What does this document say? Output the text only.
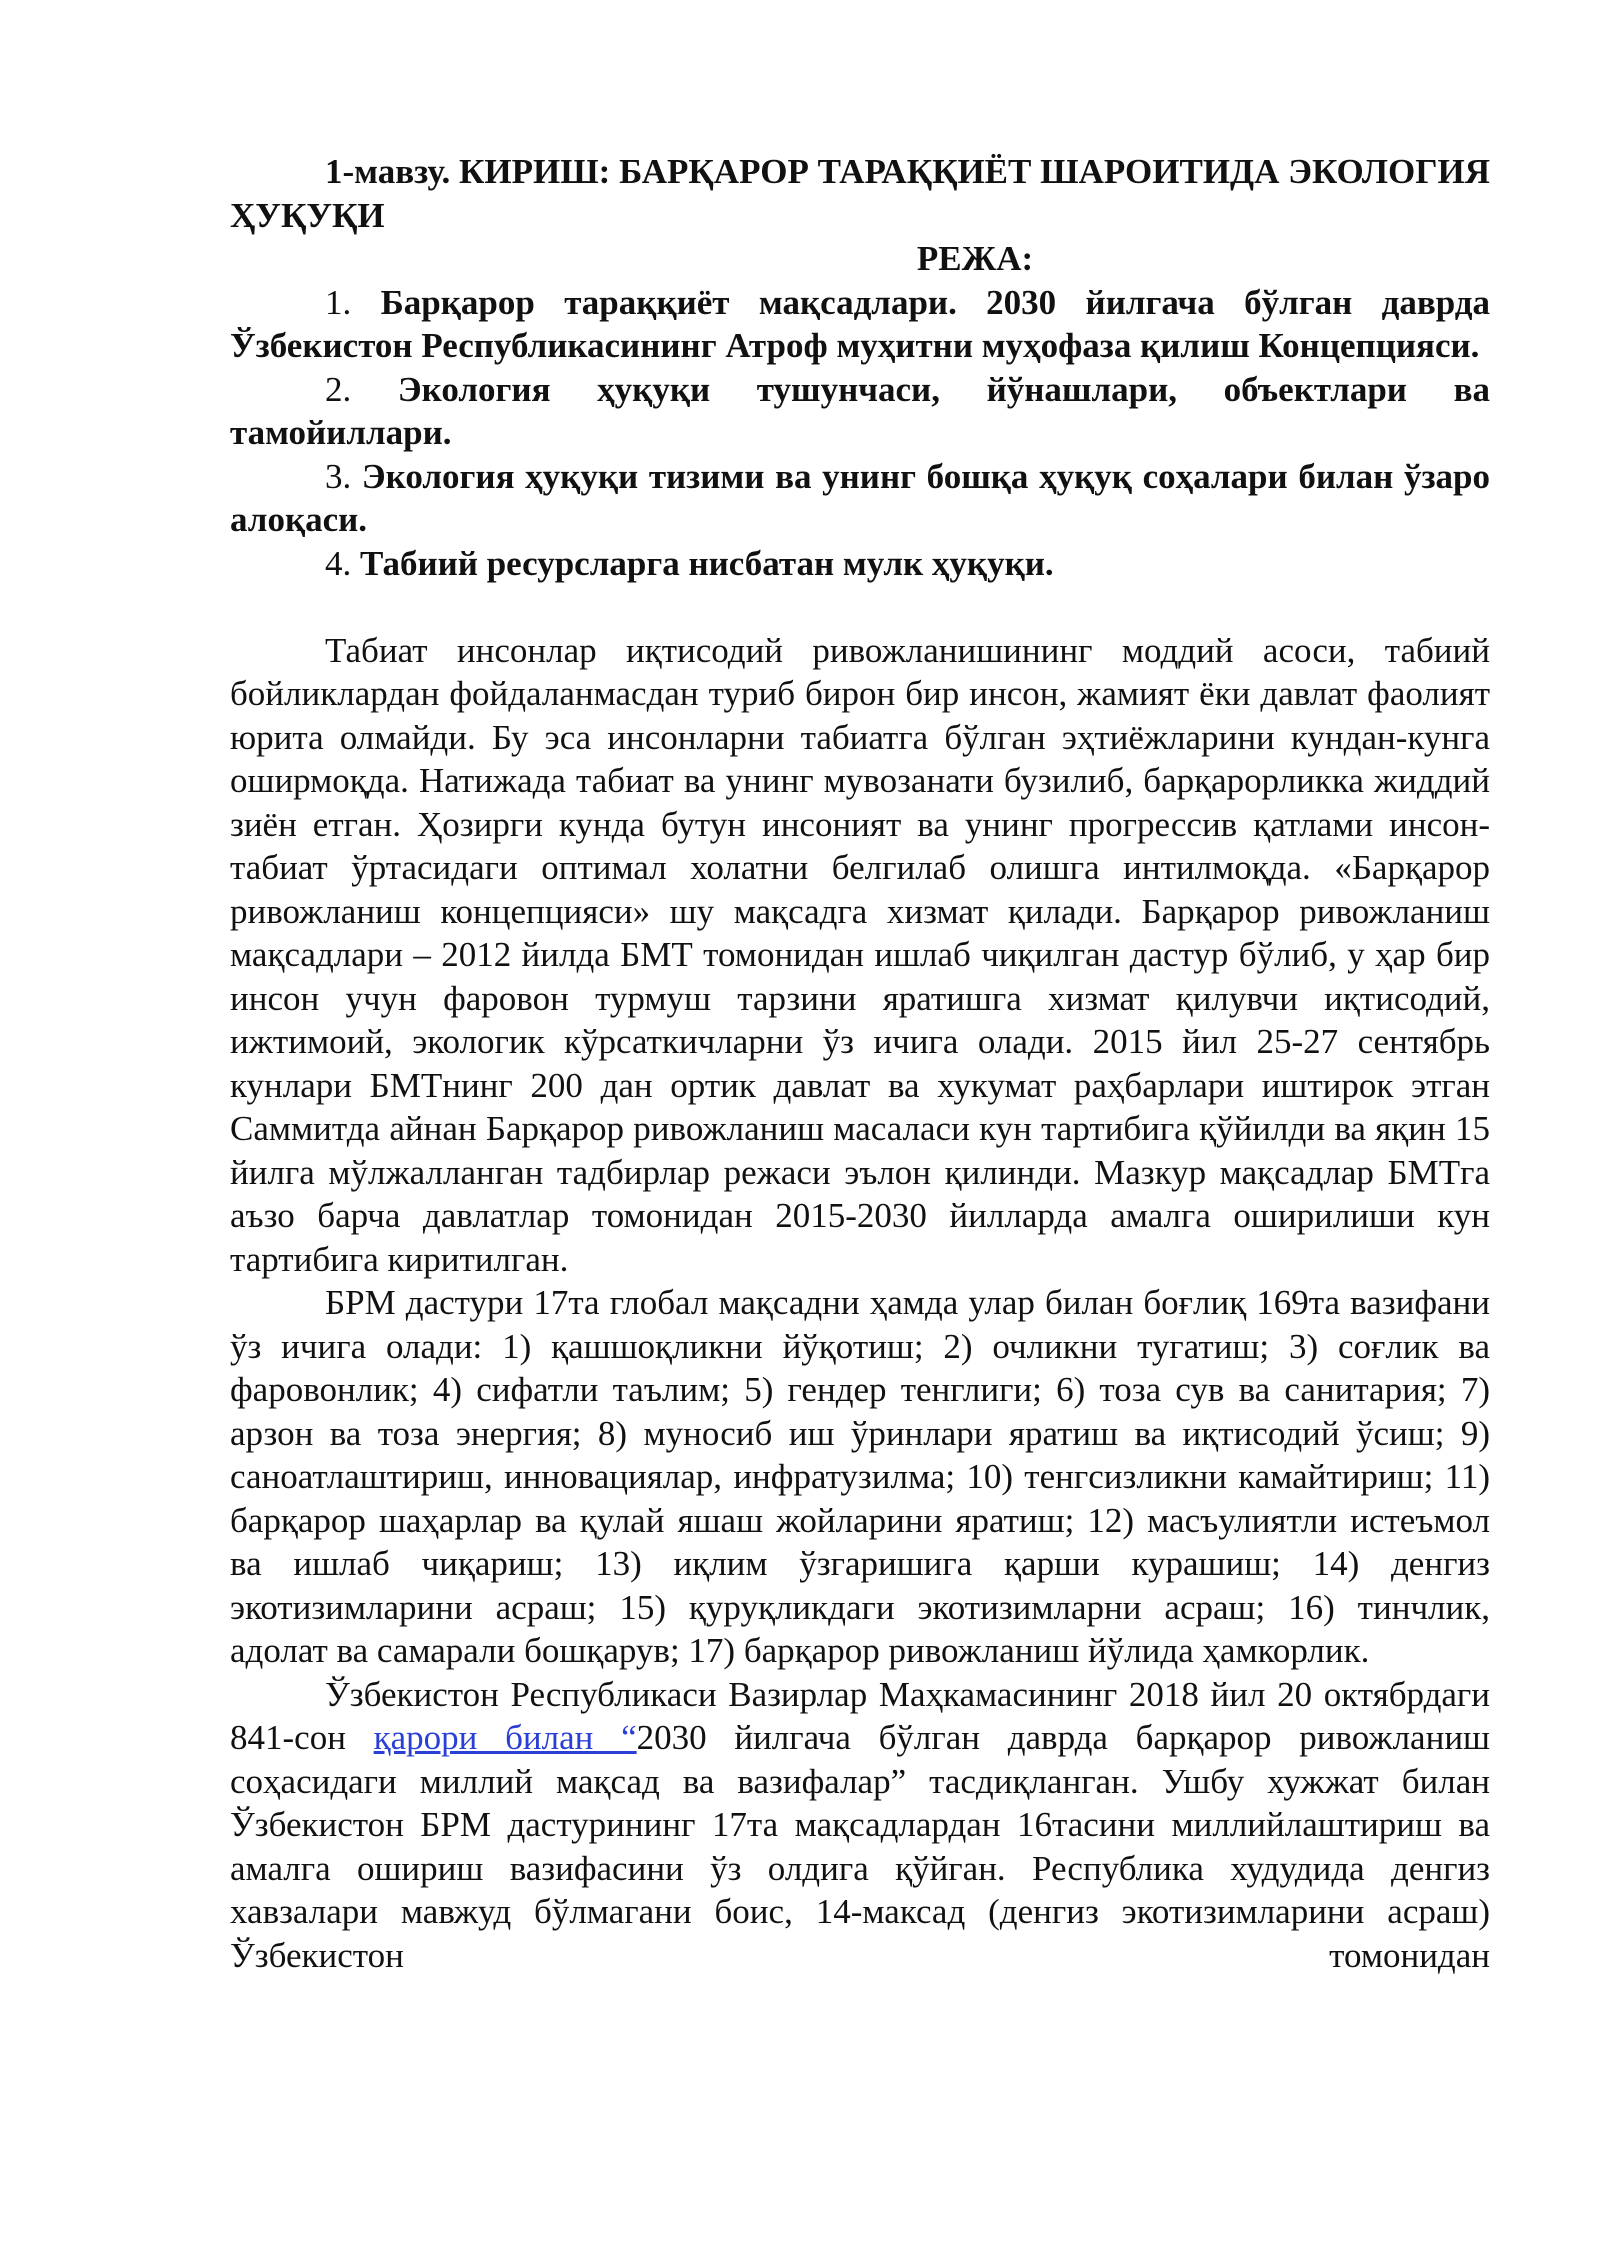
1-мавзу. КИРИШ: БАРҚАРОР ТАРАҚҚИЁТ ШАРОИТИДА ЭКОЛОГИЯ ҲУҚУҚИ

РЕЖА:

1. Барқарор тараққиёт мақсадлари. 2030 йилгача бўлган даврда Ўзбекистон Республикасининг Атроф муҳитни муҳофаза қилиш Концепцияси.
2. Экология ҳуқуқи тушунчаси, йўнашлари, объектлари ва тамойиллари.
3. Экология ҳуқуқи тизими ва унинг бошқа ҳуқуқ соҳалари билан ўзаро алоқаси.
4. Табиий ресурсларга нисбатан мулк ҳуқуқи.

Табиат инсонлар иқтисодий ривожланишининг моддий асоси, табиий бойликлардан фойдаланмасдан туриб бирон бир инсон, жамият ёки давлат фаолият юрита олмайди. Бу эса инсонларни табиатга бўлган эҳтиёжларини кундан-кунга оширмоқда. Натижада табиат ва унинг мувозанати бузилиб, барқарорликка жиддий зиён етган. Ҳозирги кунда бутун инсоният ва унинг прогрессив қатлами инсон-табиат ўртасидаги оптимал холатни белгилаб олишга интилмоқда. «Барқарор ривожланиш концепцияси» шу мақсадга хизмат қилади. Барқарор ривожланиш мақсадлари – 2012 йилда БМТ томонидан ишлаб чиқилган дастур бўлиб, у ҳар бир инсон учун фаровон турмуш тарзини яратишга хизмат қилувчи иқтисодий, ижтимоий, экологик кўрсаткичларни ўз ичига олади. 2015 йил 25-27 сентябрь кунлари БМТнинг 200 дан ортик давлат ва хукумат раҳбарлари иштирок этган Саммитда айнан Барқарор ривожланиш масаласи кун тартибига қўйилди ва яқин 15 йилга мўлжалланган тадбирлар режаси эълон қилинди. Мазкур мақсадлар БМТга аъзо барча давлатлар томонидан 2015-2030 йилларда амалга оширилиши кун тартибига киритилган.

БРМ дастури 17та глобал мақсадни ҳамда улар билан боғлиқ 169та вазифани ўз ичига олади: 1) қашшоқликни йўқотиш; 2) очликни тугатиш; 3) соғлик ва фаровонлик; 4) сифатли таълим; 5) гендер тенглиги; 6) тоза сув ва санитария; 7) арзон ва тоза энергия; 8) муносиб иш ўринлари яратиш ва иқтисодий ўсиш; 9) саноатлаштириш, инновациялар, инфратузилма; 10) тенгсизликни камайтириш; 11) барқарор шаҳарлар ва қулай яшаш жойларини яратиш; 12) масъулиятли истеъмол ва ишлаб чиқариш; 13) иқлим ўзгаришига қарши курашиш; 14) денгиз экотизимларини асраш; 15) қуруқликдаги экотизимларни асраш; 16) тинчлик, адолат ва самарали бошқарув; 17) барқарор ривожланиш йўлида ҳамкорлик.

Ўзбекистон Республикаси Вазирлар Маҳкамасининг 2018 йил 20 октябрдаги 841-сон қарори билан “2030 йилгача бўлган даврда барқарор ривожланиш соҳасидаги миллий мақсад ва вазифалар” тасдиқланган. Ушбу хужжат билан Ўзбекистон БРМ дастурининг 17та мақсадлардан 16тасини миллийлаштириш ва амалга ошириш вазифасини ўз олдига қўйган. Республика худудида денгиз хавзалари мавжуд бўлмагани боис, 14-максад (денгиз экотизимларини асраш) Ўзбекистон томонидан
